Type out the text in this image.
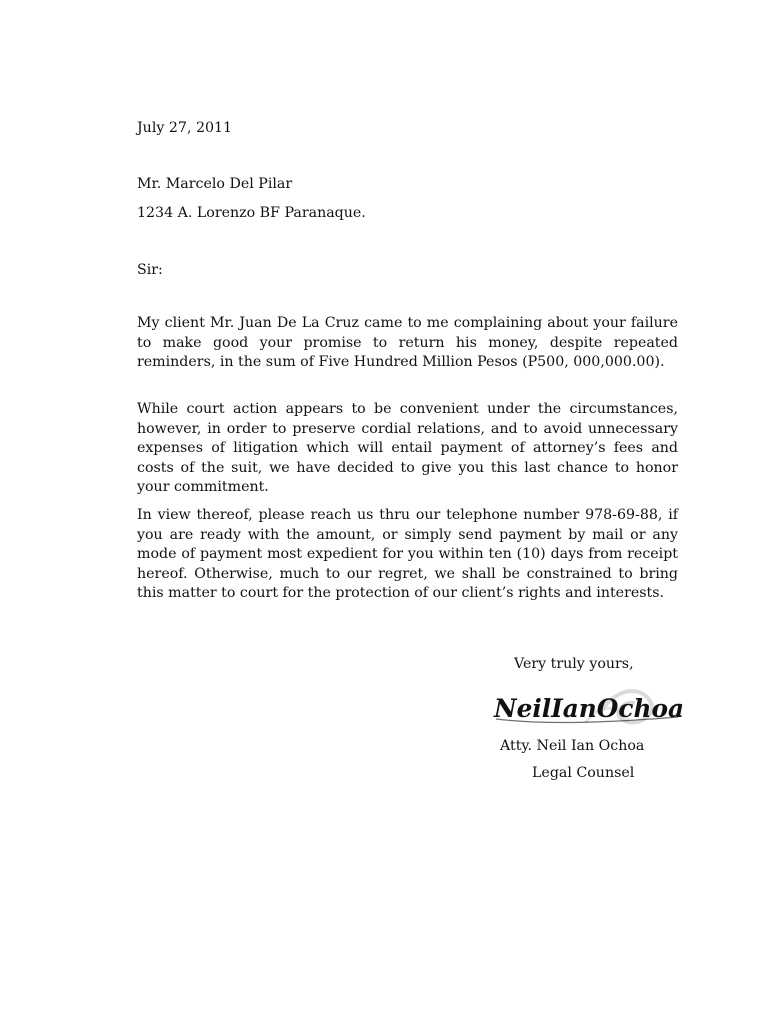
July 27, 2011
Mr. Marcelo Del Pilar
1234 A. Lorenzo BF Paranaque.
Sir:
My client Mr. Juan De La Cruz came to me complaining about your failure to make good your promise to return his money, despite repeated reminders, in the sum of Five Hundred Million Pesos (P500, 000,000.00).
While court action appears to be convenient under the circumstances, however, in order to preserve cordial relations, and to avoid unnecessary expenses of litigation which will entail payment of attorney’s fees and costs of the suit, we have decided to give you this last chance to honor your commitment.
In view thereof, please reach us thru our telephone number 978-69-88, if you are ready with the amount, or simply send payment by mail or any mode of payment most expedient for you within ten (10) days from receipt hereof. Otherwise, much to our regret, we shall be constrained to bring this matter to court for the protection of our client’s rights and interests.
Very truly yours,
NeilIanOchoa
Atty. Neil Ian Ochoa
Legal Counsel
